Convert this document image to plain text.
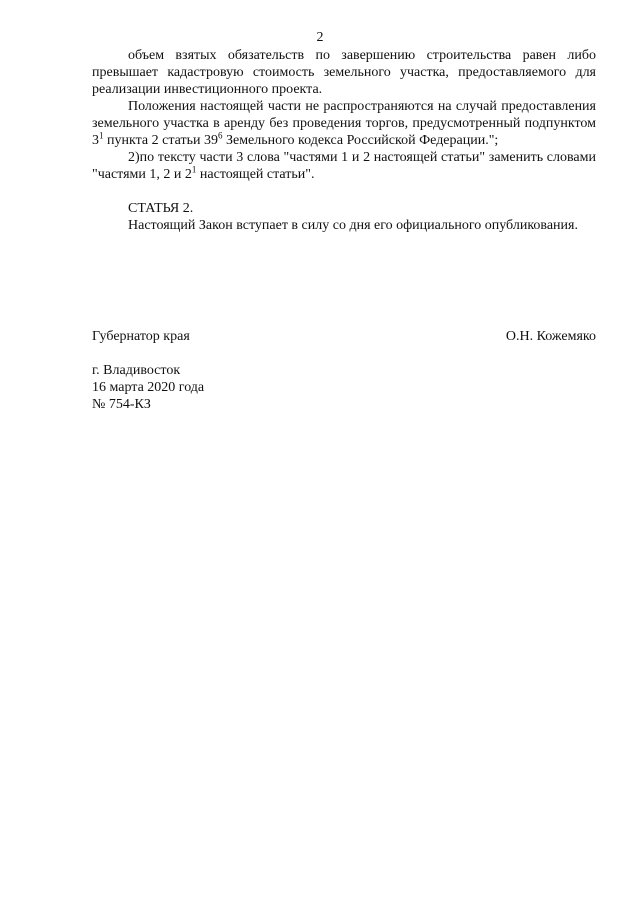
2

объем взятых обязательств по завершению строительства равен либо превышает кадастровую стоимость земельного участка, предоставляемого для реализации инвестиционного проекта.

Положения настоящей части не распространяются на случай предоставления земельного участка в аренду без проведения торгов, предусмотренный подпунктом $3^1$ пункта 2 статьи $39^6$ Земельного кодекса Российской Федерации.";

2)по тексту части 3 слова "частями 1 и 2 настоящей статьи" заменить словами "частями 1, 2 и $2^1$ настоящей статьи".

СТАТЬЯ 2.

Настоящий Закон вступает в силу со дня его официального опубликования.

Губернатор края	О.Н. Кожемяко
г. Владивосток
16 марта 2020 года
№ 754-КЗ
